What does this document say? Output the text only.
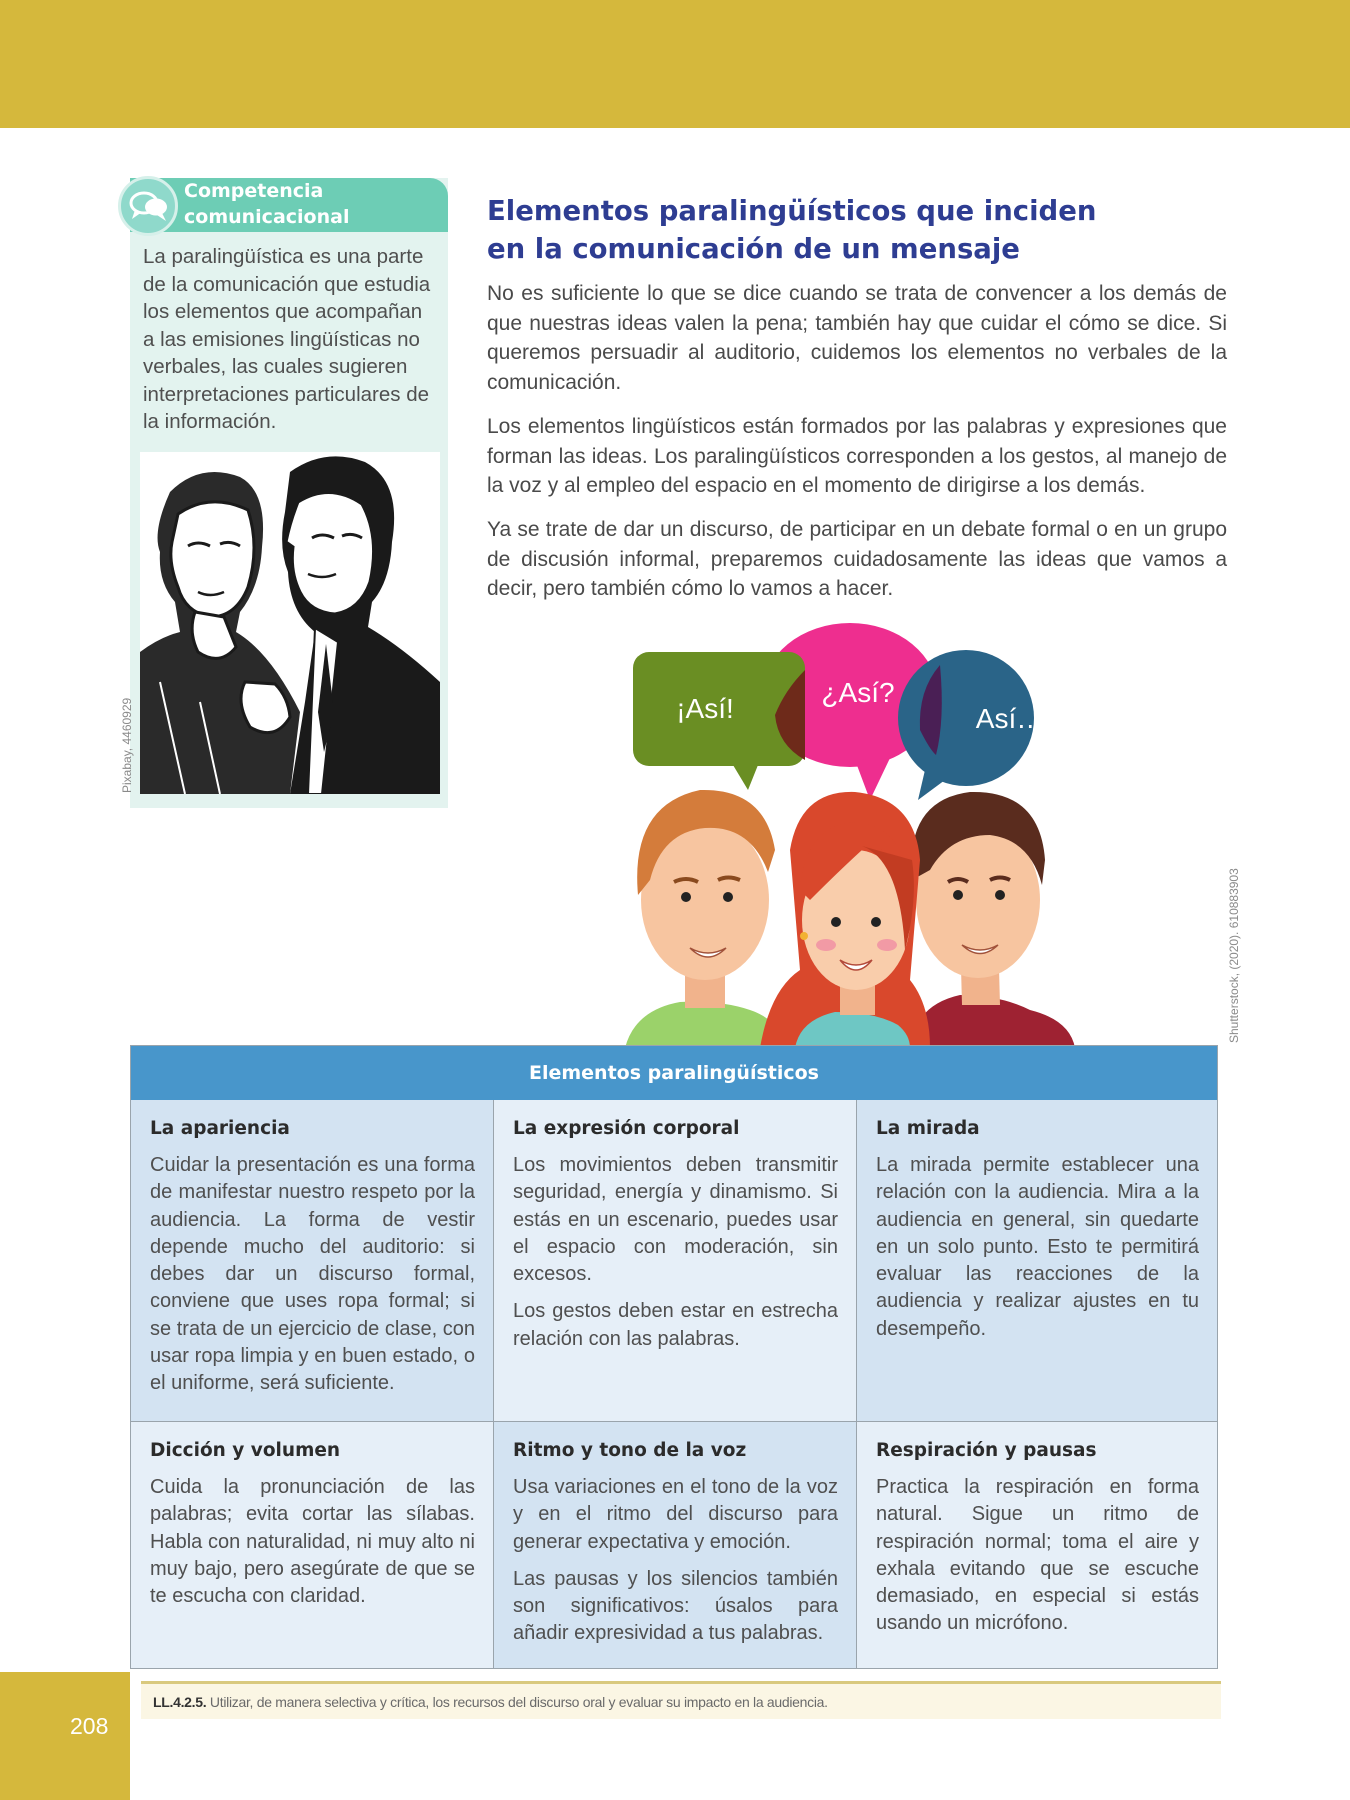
Competencia
comunicacional
La paralingüística es una parte de la comunicación que estudia los elementos que acompañan a las emisiones lingüísticas no verbales, las cuales sugieren interpretaciones particulares de la información.
Pixabay, 4460929
Elementos paralingüísticos que inciden
en la comunicación de un mensaje
No es suficiente lo que se dice cuando se trata de convencer a los demás de que nuestras ideas valen la pena; también hay que cuidar el cómo se dice. Si queremos persuadir al auditorio, cuidemos los elementos no verbales de la comunicación.
Los elementos lingüísticos están formados por las palabras y expresiones que forman las ideas. Los paralingüísticos corresponden a los gestos, al manejo de la voz y al empleo del espacio en el momento de dirigirse a los demás.
Ya se trate de dar un discurso, de participar en un debate formal o en un grupo de discusión informal, preparemos cuidadosamente las ideas que vamos a decir, pero también cómo lo vamos a hacer.
¡Así!
¿Así?
Así…
Shutterstock, (2020). 610883903
Elementos paralingüísticos
La apariencia

Cuidar la presentación es una forma de manifestar nuestro respeto por la audiencia. La forma de vestir depende mucho del auditorio: si debes dar un discurso formal, conviene que uses ropa formal; si se trata de un ejercicio de clase, con usar ropa limpia y en buen estado, o el uniforme, será suficiente.

La expresión corporal

Los movimientos deben transmitir seguridad, energía y dinamismo. Si estás en un escenario, puedes usar el espacio con moderación, sin excesos.

Los gestos deben estar en estrecha relación con las palabras.

La mirada

La mirada permite establecer una relación con la audiencia. Mira a la audiencia en general, sin quedarte en un solo punto. Esto te permitirá evaluar las reacciones de la audiencia y realizar ajustes en tu desempeño.

Dicción y volumen

Cuida la pronunciación de las palabras; evita cortar las sílabas. Habla con naturalidad, ni muy alto ni muy bajo, pero asegúrate de que se te escucha con claridad.

Ritmo y tono de la voz

Usa variaciones en el tono de la voz y en el ritmo del discurso para generar expectativa y emoción.

Las pausas y los silencios también son significativos: úsalos para añadir expresividad a tus palabras.

Respiración y pausas

Practica la respiración en forma natural. Sigue un ritmo de respiración normal; toma el aire y exhala evitando que se escuche demasiado, en especial si estás usando un micrófono.

LL.4.2.5. Utilizar, de manera selectiva y crítica, los recursos del discurso oral y evaluar su impacto en la audiencia.
208
